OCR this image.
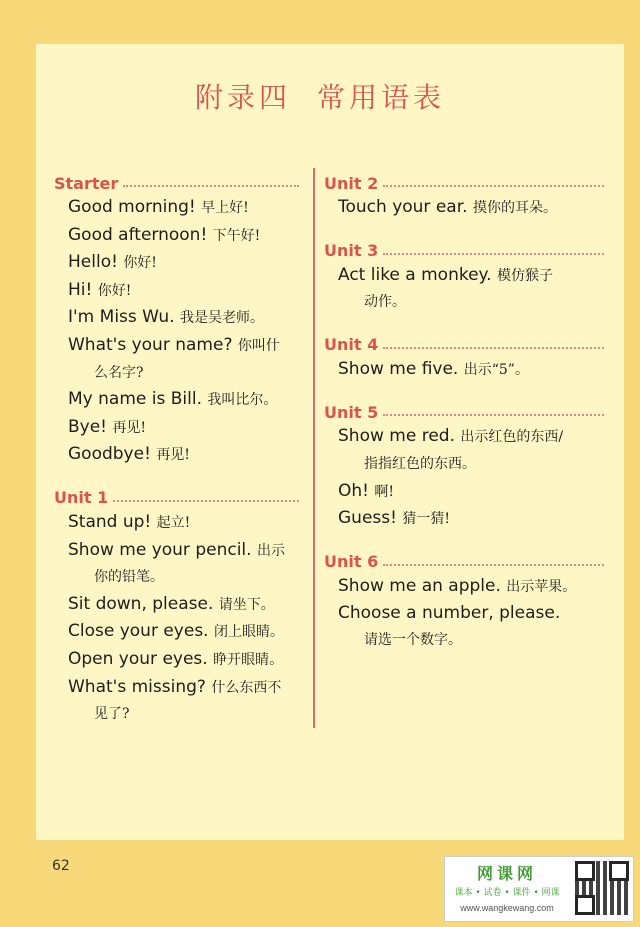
附录四 常用语表
Starter
Good morning! 早上好!
Good afternoon! 下午好!
Hello! 你好!
Hi! 你好!
I'm Miss Wu. 我是吴老师。
What's your name? 你叫什
么名字?
My name is Bill. 我叫比尔。
Bye! 再见!
Goodbye! 再见!
Unit 1
Stand up! 起立!
Show me your pencil. 出示
你的铅笔。
Sit down, please. 请坐下。
Close your eyes. 闭上眼睛。
Open your eyes. 睁开眼睛。
What's missing? 什么东西不
见了?
Unit 2
Touch your ear. 摸你的耳朵。
Unit 3
Act like a monkey. 模仿猴子
动作。
Unit 4
Show me five. 出示“5”。
Unit 5
Show me red. 出示红色的东西/
指指红色的东西。
Oh! 啊!
Guess! 猜一猜!
Unit 6
Show me an apple. 出示苹果。
Choose a number, please.
请选一个数字。
62	网课网
课本 • 试卷 • 课件 • 网课
www.wangkewang.com
